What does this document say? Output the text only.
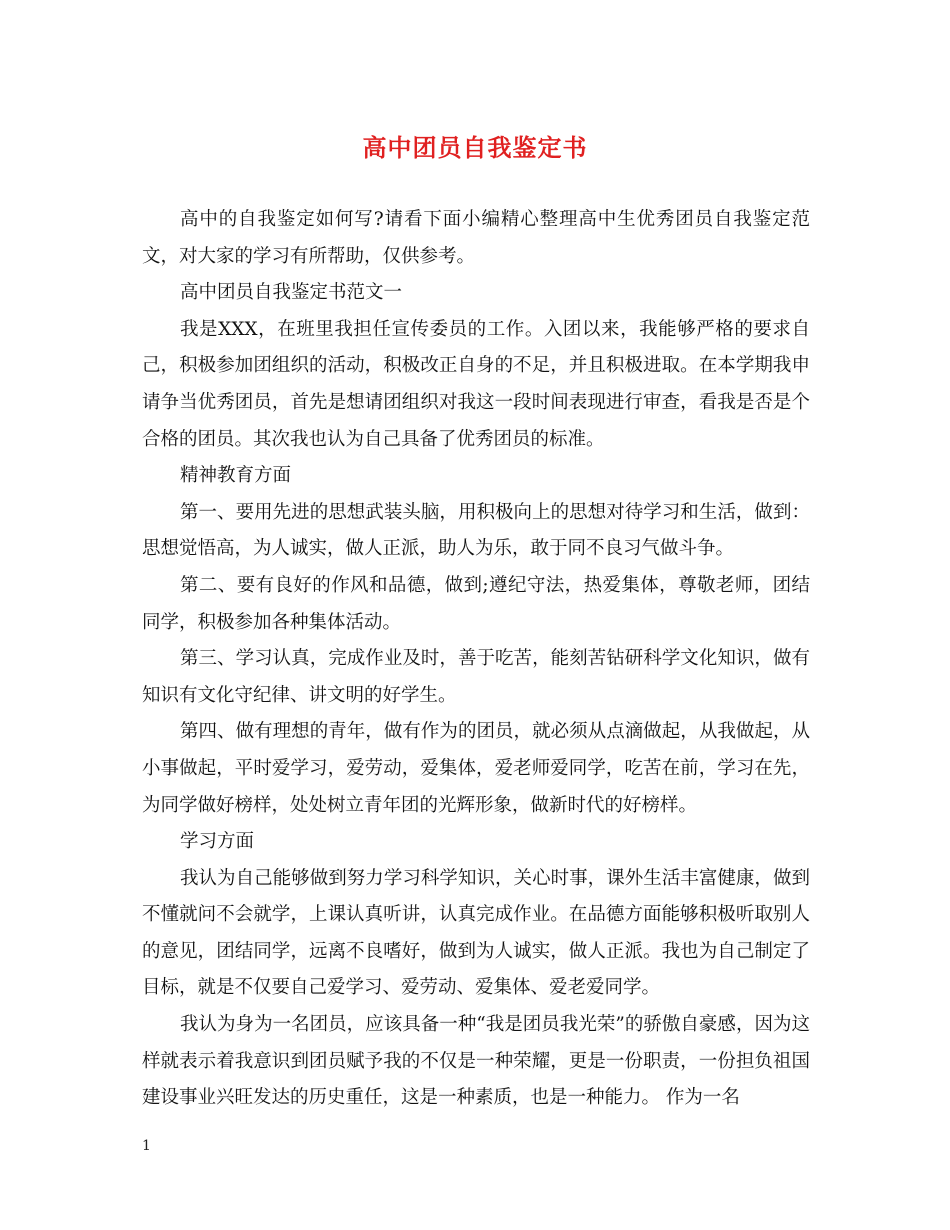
高中团员自我鉴定书

高中的自我鉴定如何写?请看下面小编精心整理高中生优秀团员自我鉴定范文，对大家的学习有所帮助，仅供参考。

高中团员自我鉴定书范文一

我是XXX，在班里我担任宣传委员的工作。入团以来，我能够严格的要求自己，积极参加团组织的活动，积极改正自身的不足，并且积极进取。在本学期我申请争当优秀团员，首先是想请团组织对我这一段时间表现进行审查，看我是否是个合格的团员。其次我也认为自己具备了优秀团员的标准。

精神教育方面

第一、要用先进的思想武装头脑，用积极向上的思想对待学习和生活，做到：思想觉悟高，为人诚实，做人正派，助人为乐，敢于同不良习气做斗争。

第二、要有良好的作风和品德，做到;遵纪守法，热爱集体，尊敬老师，团结同学，积极参加各种集体活动。

第三、学习认真，完成作业及时，善于吃苦，能刻苦钻研科学文化知识，做有知识有文化守纪律、讲文明的好学生。

第四、做有理想的青年，做有作为的团员，就必须从点滴做起，从我做起，从小事做起，平时爱学习，爱劳动，爱集体，爱老师爱同学，吃苦在前，学习在先，为同学做好榜样，处处树立青年团的光辉形象，做新时代的好榜样。

学习方面

我认为自己能够做到努力学习科学知识，关心时事，课外生活丰富健康，做到不懂就问不会就学，上课认真听讲，认真完成作业。在品德方面能够积极听取别人的意见，团结同学，远离不良嗜好，做到为人诚实，做人正派。我也为自己制定了目标，就是不仅要自己爱学习、爱劳动、爱集体、爱老爱同学。

我认为身为一名团员，应该具备一种“我是团员我光荣”的骄傲自豪感，因为这样就表示着我意识到团员赋予我的不仅是一种荣耀，更是一份职责，一份担负祖国建设事业兴旺发达的历史重任，这是一种素质，也是一种能力。 作为一名

1
